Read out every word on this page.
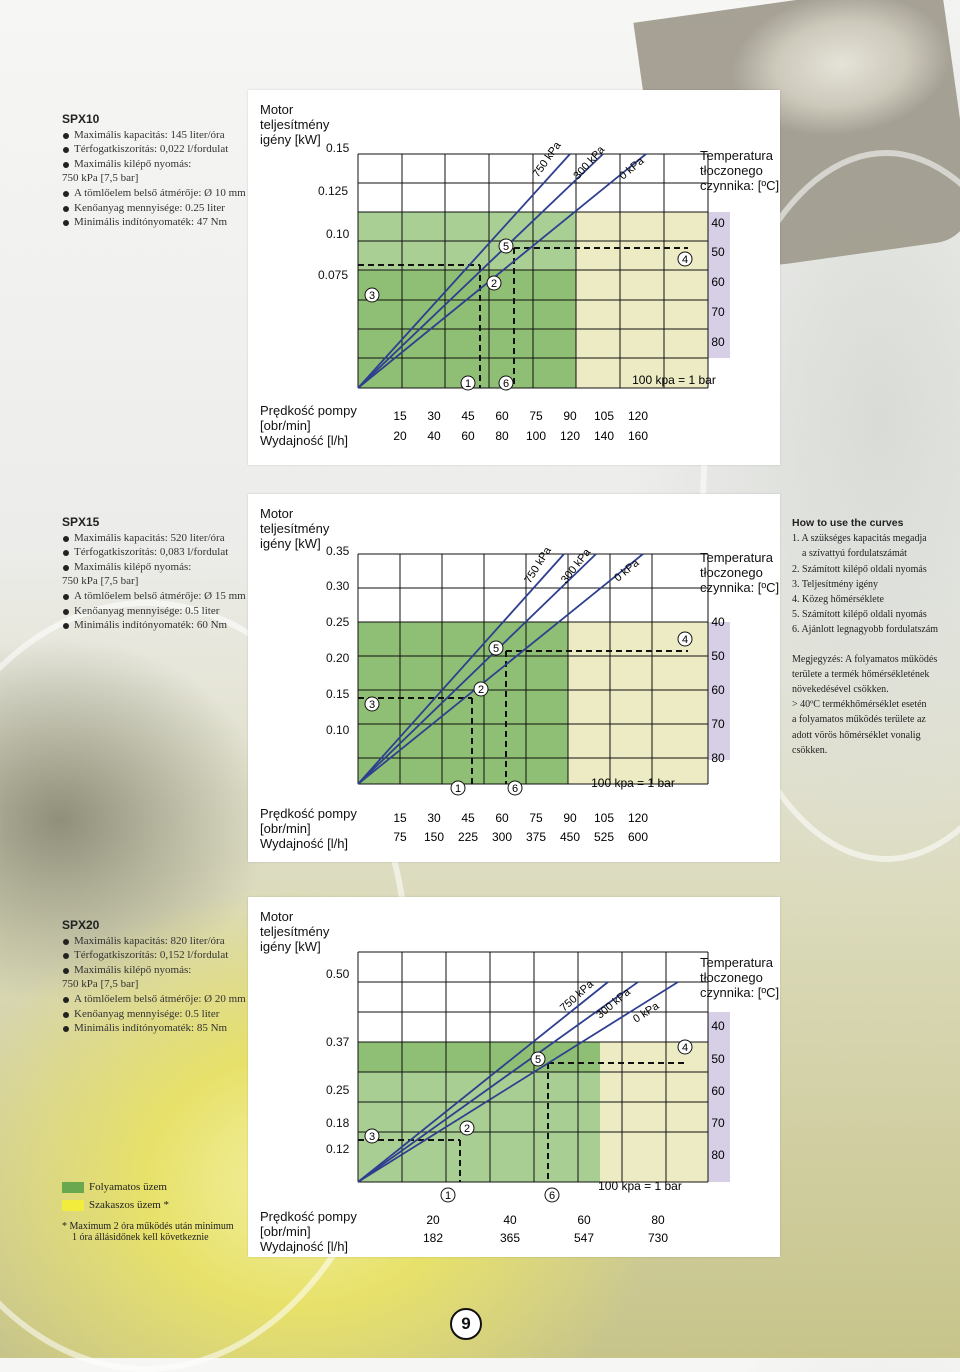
SPX10
Maximális kapacitás: 145 liter/óra
Térfogatkiszorítás: 0,022 l/fordulat
Maximális kilépő nyomás:
750 kPa [7,5 bar]
A tömlőelem belső átmérője: Ø 10 mm
Kenőanyag mennyisége: 0.25 liter
Minimális indítónyomaték: 47 Nm
Motor
teljesítmény
igény [kW]
0.15
0.125
0.10
0.075
Temperatura
tłoczonego
czynnika: [ºC]
Prędkość pompy
[obr/min]
Wydajność [l/h]
750 kPa 300 kPa 0 kPa
40
50
60
70
80
100 kpa = 1 bar
1
2
3
4
5
6
15 30 45 60 75 90 105 120
20 40 60 80 100 120 140 160
SPX15
Maximális kapacitás: 520 liter/óra
Térfogatkiszorítás: 0,083 l/fordulat
Maximális kilépő nyomás:
750 kPa [7,5 bar]
A tömlőelem belső átmérője: Ø 15 mm
Kenőanyag mennyisége: 0.5 liter
Minimális indítónyomaték: 60 Nm
Motor
teljesítmény
igény [kW] 0.35
0.30
0.25
0.20
0.15
0.10
Temperatura
tłoczonego
czynnika: [ºC]
Prędkość pompy
[obr/min]
Wydajność [l/h]
750 kPa 300 kPa 0 kPa
40
50
60
70
80
100 kpa = 1 bar
1
2
3
4
5
6
15 30 45 60 75 90 105 120
75 150 225 300 375 450 525 600
How to use the curves
1. A szükséges kapacitás megadja
a szívattyú fordulatszámát
2. Számított kilépő oldali nyomás
3. Teljesítmény igény
4. Közeg hőmérséklete
5. Számított kilépő oldali nyomás
6. Ajánlott legnagyobb fordulatszám
Megjegyzés: A folyamatos működés
területe a termék hőmérsékletének
növekedésével csökken.
> 40ºC termékhőmérséklet esetén
a folyamatos működés területe az
adott vörös hőmérséklet vonalig
csökken.
SPX20
Maximális kapacitás: 820 liter/óra
Térfogatkiszorítás: 0,152 l/fordulat
Maximális kilépő nyomás:
750 kPa [7,5 bar]
A tömlőelem belső átmérője: Ø 20 mm
Kenőanyag mennyisége: 0.5 liter
Minimális indítónyomaték: 85 Nm
Motor
teljesítmény
igény [kW]
0.50
0.37
0.25
0.18
0.12
Temperatura
tłoczonego
czynnika: [ºC]
Prędkość pompy
[obr/min]
Wydajność [l/h]
750 kPa
300 kPa
0 kPa
40
50
60
70
80
100 kpa = 1 bar
1
2
3
4
5
6
20	40	60	80
182	365	547	730
Folyamatos üzem
Szakaszos üzem *
* Maximum 2 óra működés után minimum
1 óra állásidőnek kell következnie
9
